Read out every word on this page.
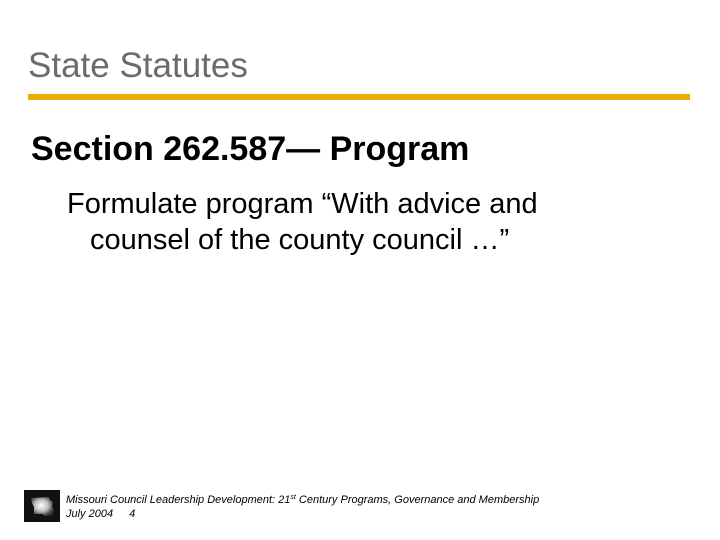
State Statutes
Section 262.587— Program
Formulate program “With advice and
counsel of the county council …”
Missouri Council Leadership Development: 21st Century Programs, Governance and Membership
July 2004 4
